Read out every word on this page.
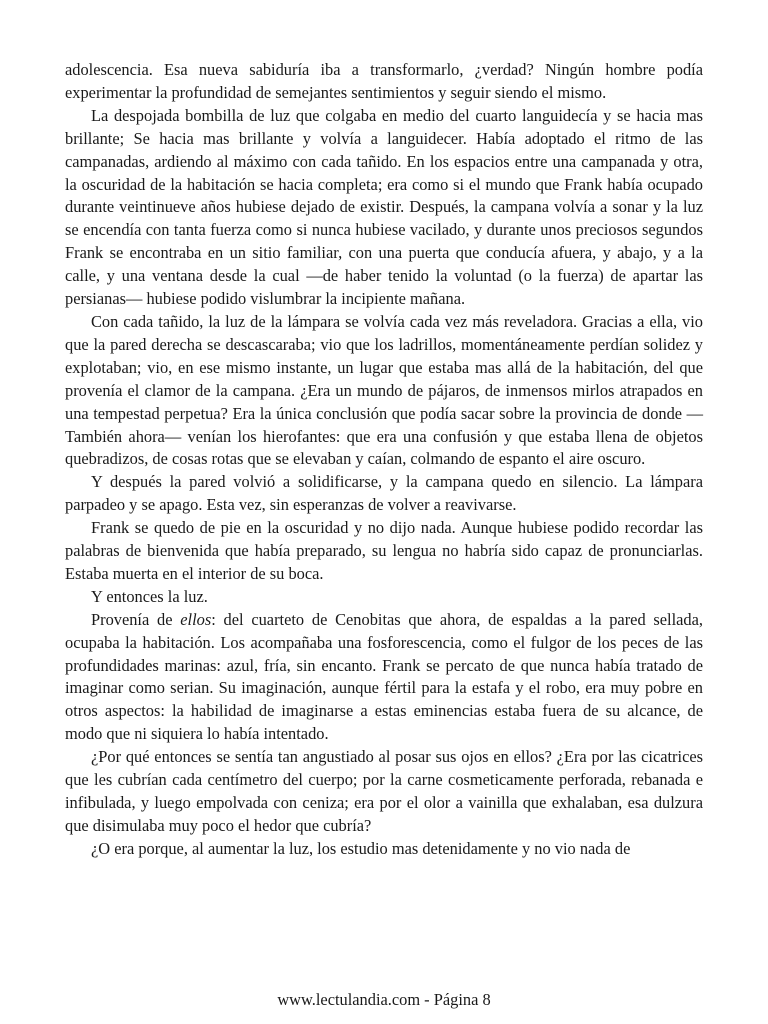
adolescencia. Esa nueva sabiduría iba a transformarlo, ¿verdad? Ningún hombre podía experimentar la profundidad de semejantes sentimientos y seguir siendo el mismo.

La despojada bombilla de luz que colgaba en medio del cuarto languidecía y se hacia mas brillante; Se hacia mas brillante y volvía a languidecer. Había adoptado el ritmo de las campanadas, ardiendo al máximo con cada tañido. En los espacios entre una campanada y otra, la oscuridad de la habitación se hacia completa; era como si el mundo que Frank había ocupado durante veintinueve años hubiese dejado de existir. Después, la campana volvía a sonar y la luz se encendía con tanta fuerza como si nunca hubiese vacilado, y durante unos preciosos segundos Frank se encontraba en un sitio familiar, con una puerta que conducía afuera, y abajo, y a la calle, y una ventana desde la cual —de haber tenido la voluntad (o la fuerza) de apartar las persianas— hubiese podido vislumbrar la incipiente mañana.

Con cada tañido, la luz de la lámpara se volvía cada vez más reveladora. Gracias a ella, vio que la pared derecha se descascaraba; vio que los ladrillos, momentáneamente perdían solidez y explotaban; vio, en ese mismo instante, un lugar que estaba mas allá de la habitación, del que provenía el clamor de la campana. ¿Era un mundo de pájaros, de inmensos mirlos atrapados en una tempestad perpetua? Era la única conclusión que podía sacar sobre la provincia de donde —También ahora— venían los hierofantes: que era una confusión y que estaba llena de objetos quebradizos, de cosas rotas que se elevaban y caían, colmando de espanto el aire oscuro.

Y después la pared volvió a solidificarse, y la campana quedo en silencio. La lámpara parpadeo y se apago. Esta vez, sin esperanzas de volver a reavivarse.

Frank se quedo de pie en la oscuridad y no dijo nada. Aunque hubiese podido recordar las palabras de bienvenida que había preparado, su lengua no habría sido capaz de pronunciarlas. Estaba muerta en el interior de su boca.

Y entonces la luz.

Provenía de ellos: del cuarteto de Cenobitas que ahora, de espaldas a la pared sellada, ocupaba la habitación. Los acompañaba una fosforescencia, como el fulgor de los peces de las profundidades marinas: azul, fría, sin encanto. Frank se percato de que nunca había tratado de imaginar como serian. Su imaginación, aunque fértil para la estafa y el robo, era muy pobre en otros aspectos: la habilidad de imaginarse a estas eminencias estaba fuera de su alcance, de modo que ni siquiera lo había intentado.

¿Por qué entonces se sentía tan angustiado al posar sus ojos en ellos? ¿Era por las cicatrices que les cubrían cada centímetro del cuerpo; por la carne cosmeticamente perforada, rebanada e infibulada, y luego empolvada con ceniza; era por el olor a vainilla que exhalaban, esa dulzura que disimulaba muy poco el hedor que cubría?

¿O era porque, al aumentar la luz, los estudio mas detenidamente y no vio nada de

www.lectulandia.com - Página 8
